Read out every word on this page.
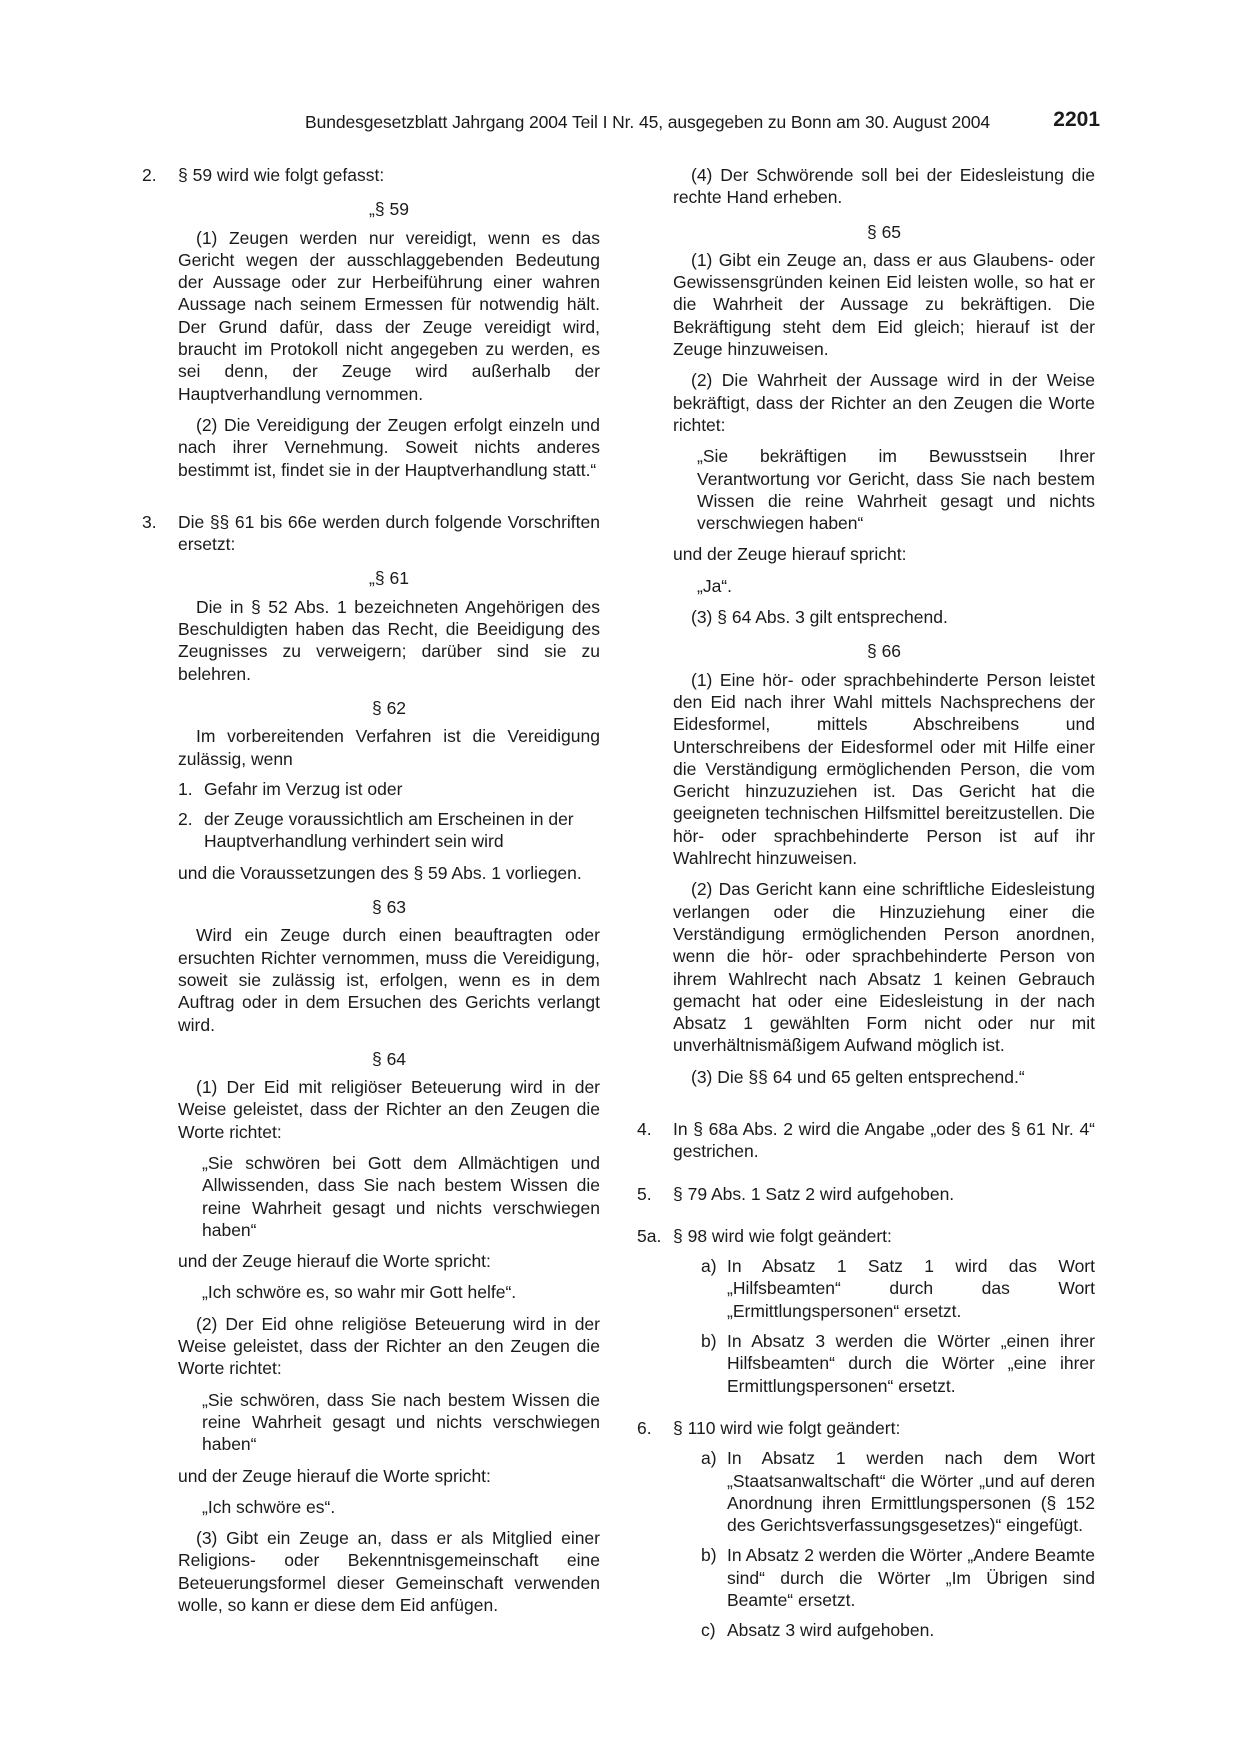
Bundesgesetzblatt Jahrgang 2004 Teil I Nr. 45, ausgegeben zu Bonn am 30. August 2004	2201
2. § 59 wird wie folgt gefasst:

„§ 59

(1) Zeugen werden nur vereidigt, wenn es das Gericht wegen der ausschlaggebenden Bedeutung der Aussage oder zur Herbeiführung einer wahren Aussage nach seinem Ermessen für notwendig hält. Der Grund dafür, dass der Zeuge vereidigt wird, braucht im Protokoll nicht angegeben zu werden, es sei denn, der Zeuge wird außerhalb der Hauptverhandlung vernommen.

(2) Die Vereidigung der Zeugen erfolgt einzeln und nach ihrer Vernehmung. Soweit nichts anderes bestimmt ist, findet sie in der Hauptverhandlung statt.“

3. Die §§ 61 bis 66e werden durch folgende Vorschriften ersetzt:

„§ 61

Die in § 52 Abs. 1 bezeichneten Angehörigen des Beschuldigten haben das Recht, die Beeidigung des Zeugnisses zu verweigern; darüber sind sie zu belehren.

§ 62

Im vorbereitenden Verfahren ist die Vereidigung zulässig, wenn

1. Gefahr im Verzug ist oder
2. der Zeuge voraussichtlich am Erscheinen in der Hauptverhandlung verhindert sein wird

und die Voraussetzungen des § 59 Abs. 1 vorliegen.

§ 63

Wird ein Zeuge durch einen beauftragten oder ersuchten Richter vernommen, muss die Vereidigung, soweit sie zulässig ist, erfolgen, wenn es in dem Auftrag oder in dem Ersuchen des Gerichts verlangt wird.

§ 64

(1) Der Eid mit religiöser Beteuerung wird in der Weise geleistet, dass der Richter an den Zeugen die Worte richtet:

„Sie schwören bei Gott dem Allmächtigen und Allwissenden, dass Sie nach bestem Wissen die reine Wahrheit gesagt und nichts verschwiegen haben“

und der Zeuge hierauf die Worte spricht:

„Ich schwöre es, so wahr mir Gott helfe“.

(2) Der Eid ohne religiöse Beteuerung wird in der Weise geleistet, dass der Richter an den Zeugen die Worte richtet:

„Sie schwören, dass Sie nach bestem Wissen die reine Wahrheit gesagt und nichts verschwiegen haben“

und der Zeuge hierauf die Worte spricht:

„Ich schwöre es“.

(3) Gibt ein Zeuge an, dass er als Mitglied einer Religions- oder Bekenntnisgemeinschaft eine Beteuerungsformel dieser Gemeinschaft verwenden wolle, so kann er diese dem Eid anfügen.

(4) Der Schwörende soll bei der Eidesleistung die rechte Hand erheben.

§ 65

(1) Gibt ein Zeuge an, dass er aus Glaubens- oder Gewissensgründen keinen Eid leisten wolle, so hat er die Wahrheit der Aussage zu bekräftigen. Die Bekräftigung steht dem Eid gleich; hierauf ist der Zeuge hinzuweisen.

(2) Die Wahrheit der Aussage wird in der Weise bekräftigt, dass der Richter an den Zeugen die Worte richtet:

„Sie bekräftigen im Bewusstsein Ihrer Verantwortung vor Gericht, dass Sie nach bestem Wissen die reine Wahrheit gesagt und nichts verschwiegen haben“

und der Zeuge hierauf spricht:

„Ja“.

(3) § 64 Abs. 3 gilt entsprechend.

§ 66

(1) Eine hör- oder sprachbehinderte Person leistet den Eid nach ihrer Wahl mittels Nachsprechens der Eidesformel, mittels Abschreibens und Unterschreibens der Eidesformel oder mit Hilfe einer die Verständigung ermöglichenden Person, die vom Gericht hinzuzuziehen ist. Das Gericht hat die geeigneten technischen Hilfsmittel bereitzustellen. Die hör- oder sprachbehinderte Person ist auf ihr Wahlrecht hinzuweisen.

(2) Das Gericht kann eine schriftliche Eidesleistung verlangen oder die Hinzuziehung einer die Verständigung ermöglichenden Person anordnen, wenn die hör- oder sprachbehinderte Person von ihrem Wahlrecht nach Absatz 1 keinen Gebrauch gemacht hat oder eine Eidesleistung in der nach Absatz 1 gewählten Form nicht oder nur mit unverhältnismäßigem Aufwand möglich ist.

(3) Die §§ 64 und 65 gelten entsprechend.“

4. In § 68a Abs. 2 wird die Angabe „oder des § 61 Nr. 4“ gestrichen.

5. § 79 Abs. 1 Satz 2 wird aufgehoben.

5a. § 98 wird wie folgt geändert:

a) In Absatz 1 Satz 1 wird das Wort „Hilfsbeamten“ durch das Wort „Ermittlungspersonen“ ersetzt.

b) In Absatz 3 werden die Wörter „einen ihrer Hilfsbeamten“ durch die Wörter „eine ihrer Ermittlungspersonen“ ersetzt.

6. § 110 wird wie folgt geändert:

a) In Absatz 1 werden nach dem Wort „Staatsanwaltschaft“ die Wörter „und auf deren Anordnung ihren Ermittlungspersonen (§ 152 des Gerichtsverfassungsgesetzes)“ eingefügt.

b) In Absatz 2 werden die Wörter „Andere Beamte sind“ durch die Wörter „Im Übrigen sind Beamte“ ersetzt.

c) Absatz 3 wird aufgehoben.
